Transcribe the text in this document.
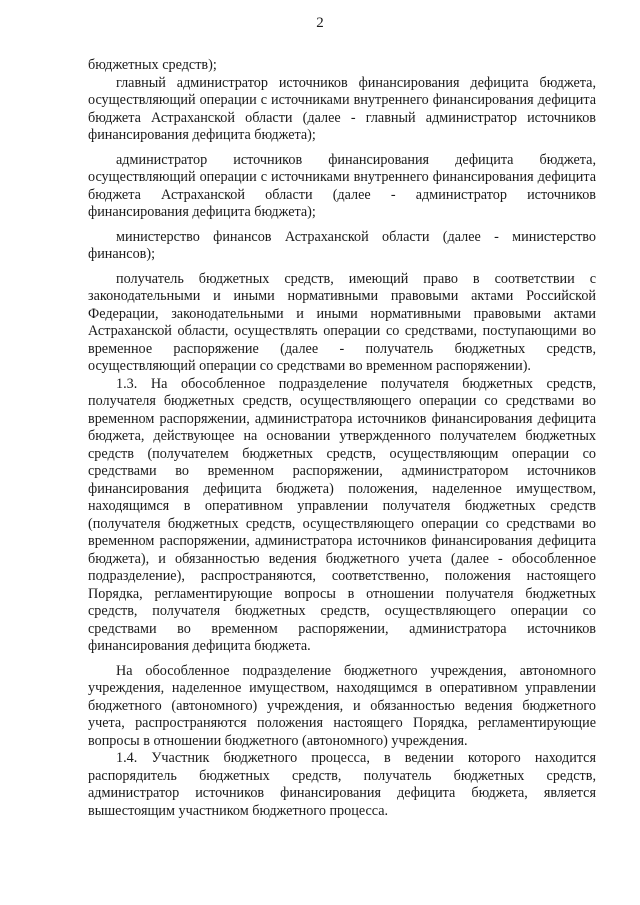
2

бюджетных средств);

главный администратор источников финансирования дефицита бюджета, осуществляющий операции с источниками внутреннего финансирования дефицита бюджета Астраханской области (далее - главный администратор источников финансирования дефицита бюджета);

администратор источников финансирования дефицита бюджета, осуществляющий операции с источниками внутреннего финансирования дефицита бюджета Астраханской области (далее - администратор источников финансирования дефицита бюджета);

министерство финансов Астраханской области (далее - министерство финансов);

получатель бюджетных средств, имеющий право в соответствии с законодательными и иными нормативными правовыми актами Российской Федерации, законодательными и иными нормативными правовыми актами Астраханской области, осуществлять операции со средствами, поступающими во временное распоряжение (далее - получатель бюджетных средств, осуществляющий операции со средствами во временном распоряжении).

1.3. На обособленное подразделение получателя бюджетных средств, получателя бюджетных средств, осуществляющего операции со средствами во временном распоряжении, администратора источников финансирования дефицита бюджета, действующее на основании утвержденного получателем бюджетных средств (получателем бюджетных средств, осуществляющим операции со средствами во временном распоряжении, администратором источников финансирования дефицита бюджета) положения, наделенное имуществом, находящимся в оперативном управлении получателя бюджетных средств (получателя бюджетных средств, осуществляющего операции со средствами во временном распоряжении, администратора источников финансирования дефицита бюджета), и обязанностью ведения бюджетного учета (далее - обособленное подразделение), распространяются, соответственно, положения настоящего Порядка, регламентирующие вопросы в отношении получателя бюджетных средств, получателя бюджетных средств, осуществляющего операции со средствами во временном распоряжении, администратора источников финансирования дефицита бюджета.

На обособленное подразделение бюджетного учреждения, автономного учреждения, наделенное имуществом, находящимся в оперативном управлении бюджетного (автономного) учреждения, и обязанностью ведения бюджетного учета, распространяются положения настоящего Порядка, регламентирующие вопросы в отношении бюджетного (автономного) учреждения.

1.4. Участник бюджетного процесса, в ведении которого находится распорядитель бюджетных средств, получатель бюджетных средств, администратор источников финансирования дефицита бюджета, является вышестоящим участником бюджетного процесса.
